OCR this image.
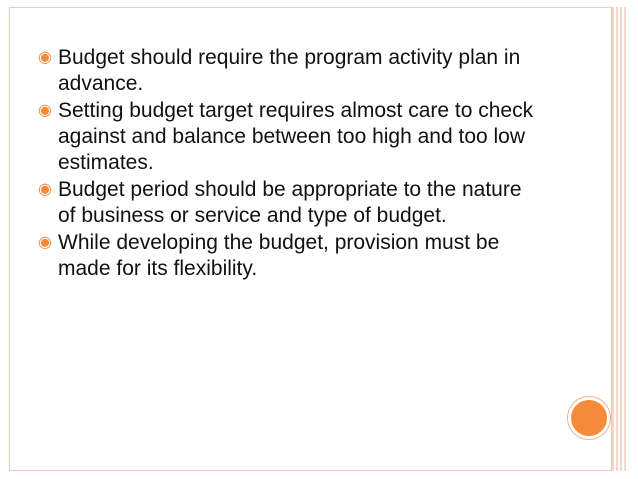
◉ Budget should require the program activity plan in advance.
◉ Setting budget target requires almost care to check against and balance between too high and too low estimates.
◉ Budget period should be appropriate to the nature of business or service and type of budget.
◉ While developing the budget, provision must be made for its flexibility.
